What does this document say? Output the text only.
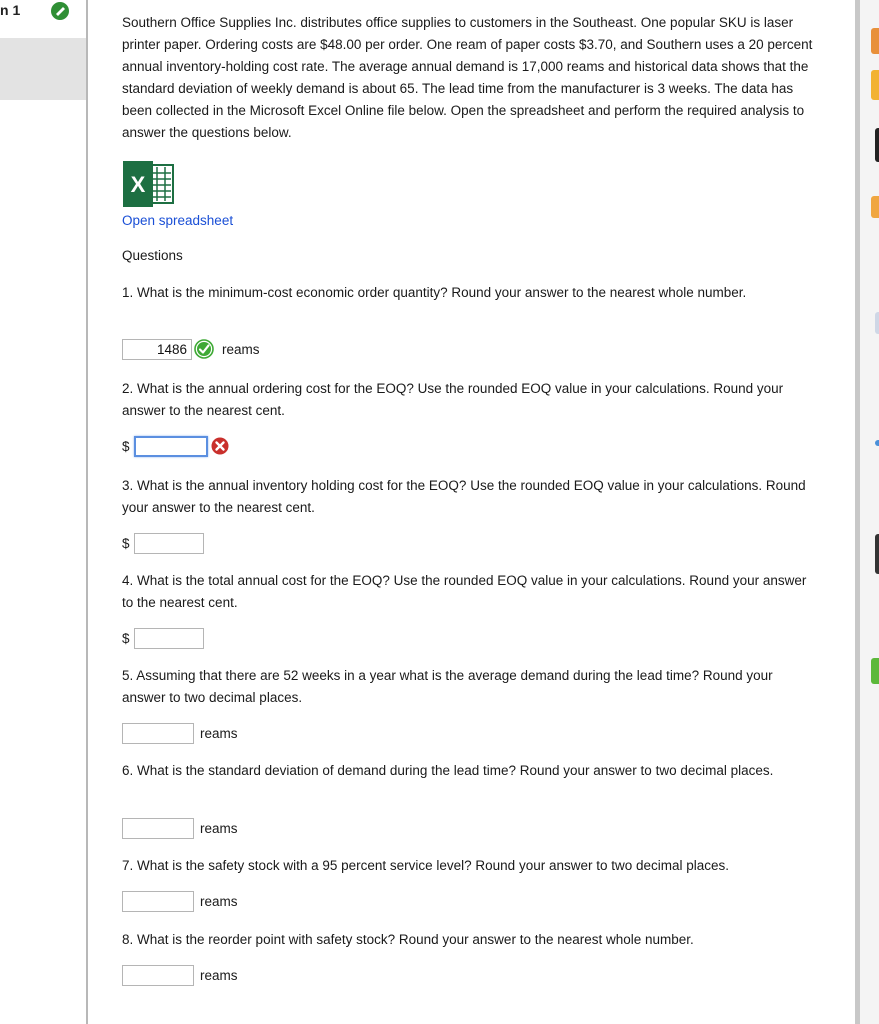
n 1

Southern Office Supplies Inc. distributes office supplies to customers in the Southeast. One popular SKU is laser printer paper. Ordering costs are $48.00 per order. One ream of paper costs $3.70, and Southern uses a 20 percent annual inventory-holding cost rate. The average annual demand is 17,000 reams and historical data shows that the standard deviation of weekly demand is about 65. The lead time from the manufacturer is 3 weeks. The data has been collected in the Microsoft Excel Online file below. Open the spreadsheet and perform the required analysis to answer the questions below.

X
Open spreadsheet
Questions

1. What is the minimum-cost economic order quantity? Round your answer to the nearest whole number.

1486
reams

2. What is the annual ordering cost for the EOQ? Use the rounded EOQ value in your calculations. Round your answer to the nearest cent.

$

3. What is the annual inventory holding cost for the EOQ? Use the rounded EOQ value in your calculations. Round your answer to the nearest cent.

$

4. What is the total annual cost for the EOQ? Use the rounded EOQ value in your calculations. Round your answer to the nearest cent.

$

5. Assuming that there are 52 weeks in a year what is the average demand during the lead time? Round your answer to two decimal places.

reams

6. What is the standard deviation of demand during the lead time? Round your answer to two decimal places.

reams

7. What is the safety stock with a 95 percent service level? Round your answer to two decimal places.

reams

8. What is the reorder point with safety stock? Round your answer to the nearest whole number.

reams
